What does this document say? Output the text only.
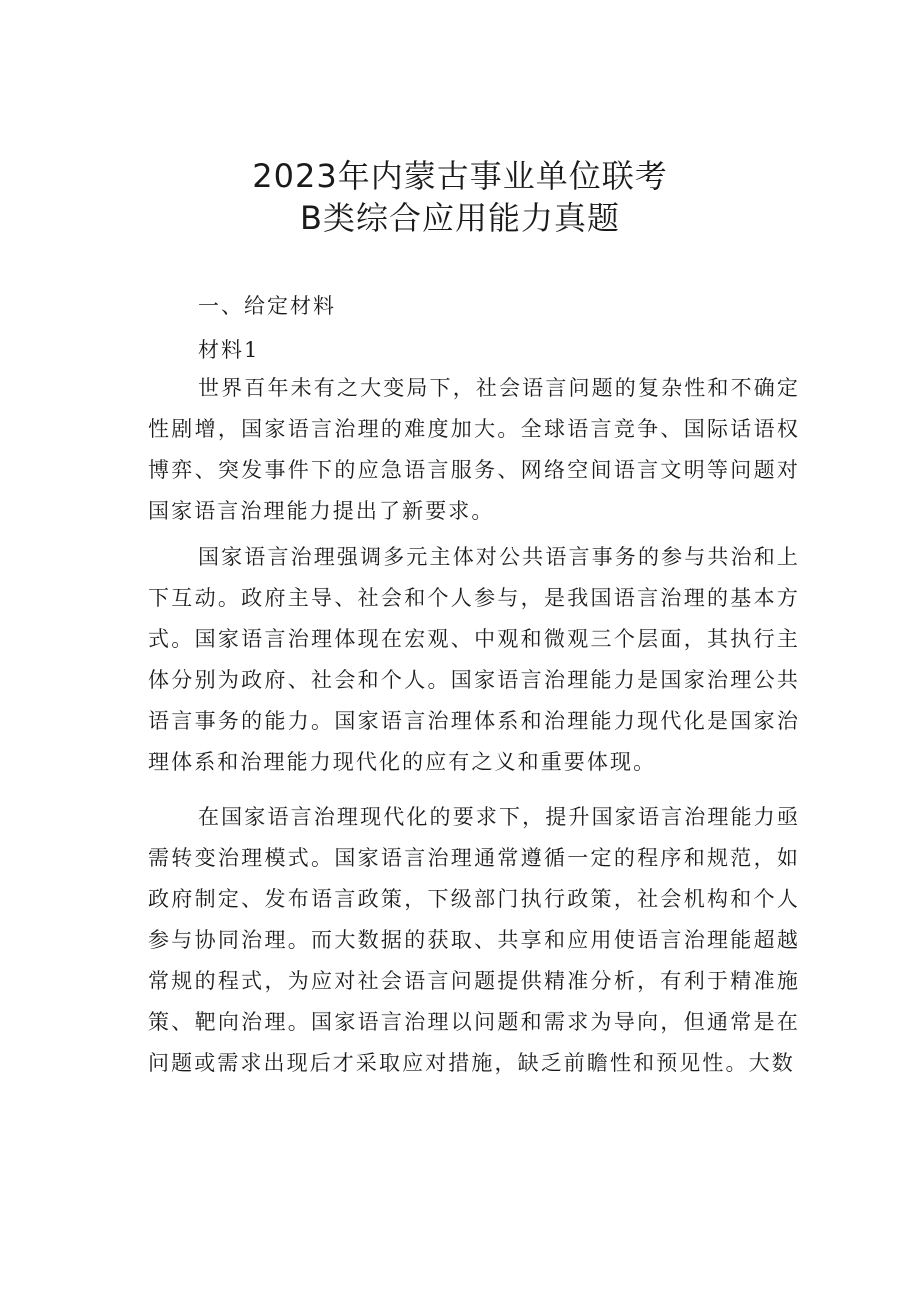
2023年内蒙古事业单位联考
B类综合应用能力真题
一、给定材料
材料1
世界百年未有之大变局下，社会语言问题的复杂性和不确定性剧增，国家语言治理的难度加大。全球语言竞争、国际话语权博弈、突发事件下的应急语言服务、网络空间语言文明等问题对国家语言治理能力提出了新要求。
国家语言治理强调多元主体对公共语言事务的参与共治和上下互动。政府主导、社会和个人参与，是我国语言治理的基本方式。国家语言治理体现在宏观、中观和微观三个层面，其执行主体分别为政府、社会和个人。国家语言治理能力是国家治理公共语言事务的能力。国家语言治理体系和治理能力现代化是国家治理体系和治理能力现代化的应有之义和重要体现。
在国家语言治理现代化的要求下，提升国家语言治理能力亟需转变治理模式。国家语言治理通常遵循一定的程序和规范，如政府制定、发布语言政策，下级部门执行政策，社会机构和个人参与协同治理。而大数据的获取、共享和应用使语言治理能超越常规的程式，为应对社会语言问题提供精准分析，有利于精准施策、靶向治理。国家语言治理以问题和需求为导向，但通常是在问题或需求出现后才采取应对措施，缺乏前瞻性和预见性。大数
